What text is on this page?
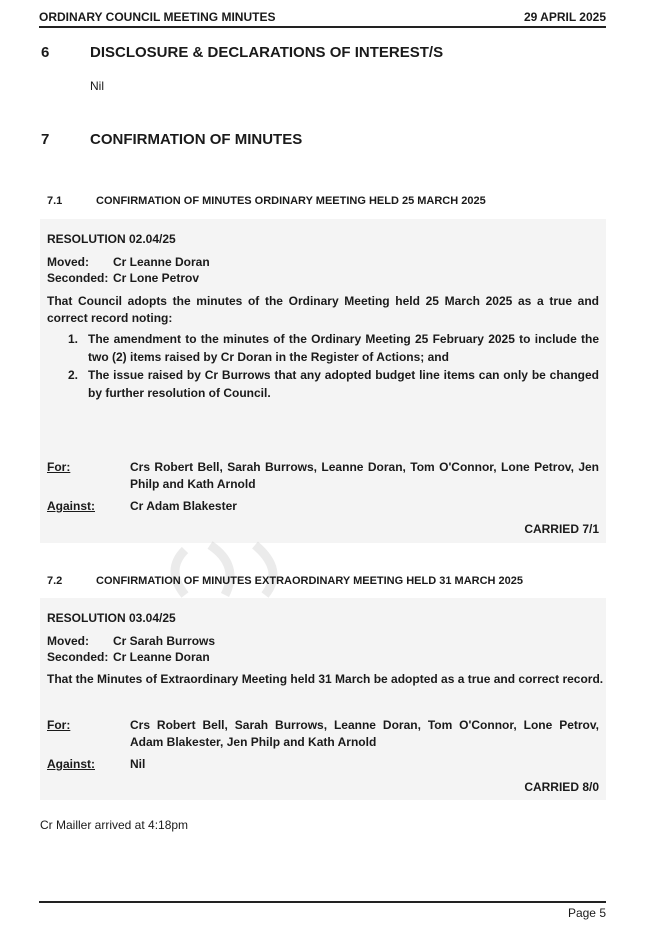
ORDINARY COUNCIL MEETING MINUTES	29 APRIL 2025
6	DISCLOSURE & DECLARATIONS OF INTEREST/S
Nil
7	CONFIRMATION OF MINUTES
7.1	CONFIRMATION OF MINUTES ORDINARY MEETING HELD 25 MARCH 2025
RESOLUTION 02.04/25
Moved: Cr Leanne Doran
Seconded: Cr Lone Petrov
That Council adopts the minutes of the Ordinary Meeting held 25 March 2025 as a true and correct record noting:
1. The amendment to the minutes of the Ordinary Meeting 25 February 2025 to include the two (2) items raised by Cr Doran in the Register of Actions; and
2. The issue raised by Cr Burrows that any adopted budget line items can only be changed by further resolution of Council.
For:	Crs Robert Bell, Sarah Burrows, Leanne Doran, Tom O'Connor, Lone Petrov, Jen Philp and Kath Arnold
Against:	Cr Adam Blakester
CARRIED 7/1
7.2	CONFIRMATION OF MINUTES EXTRAORDINARY MEETING HELD 31 MARCH 2025
RESOLUTION 03.04/25
Moved: Cr Sarah Burrows
Seconded: Cr Leanne Doran
That the Minutes of Extraordinary Meeting held 31 March be adopted as a true and correct record.
For:	Crs Robert Bell, Sarah Burrows, Leanne Doran, Tom O'Connor, Lone Petrov, Adam Blakester, Jen Philp and Kath Arnold
Against:	Nil
CARRIED 8/0
Cr Mailler arrived at 4:18pm
Page 5
